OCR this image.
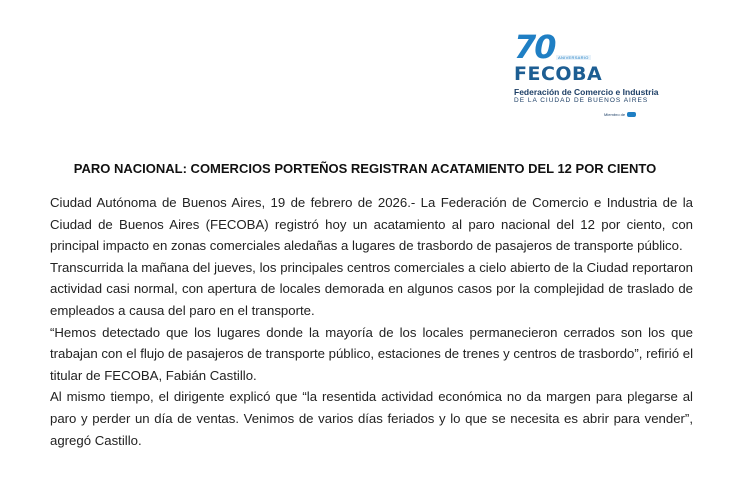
70 ANIVERSARIO
FECOBA
Federación de Comercio e Industria
DE LA CIUDAD DE BUENOS AIRES
Miembro de
PARO NACIONAL: COMERCIOS PORTEÑOS REGISTRAN ACATAMIENTO DEL 12 POR CIENTO

Ciudad Autónoma de Buenos Aires, 19 de febrero de 2026.- La Federación de Comercio e Industria de la Ciudad de Buenos Aires (FECOBA) registró hoy un acatamiento al paro nacional del 12 por ciento, con principal impacto en zonas comerciales aledañas a lugares de trasbordo de pasajeros de transporte público.

Transcurrida la mañana del jueves, los principales centros comerciales a cielo abierto de la Ciudad reportaron actividad casi normal, con apertura de locales demorada en algunos casos por la complejidad de traslado de empleados a causa del paro en el transporte.

“Hemos detectado que los lugares donde la mayoría de los locales permanecieron cerrados son los que trabajan con el flujo de pasajeros de transporte público, estaciones de trenes y centros de trasbordo”, refirió el titular de FECOBA, Fabián Castillo.

Al mismo tiempo, el dirigente explicó que “la resentida actividad económica no da margen para plegarse al paro y perder un día de ventas. Venimos de varios días feriados y lo que se necesita es abrir para vender”, agregó Castillo.
